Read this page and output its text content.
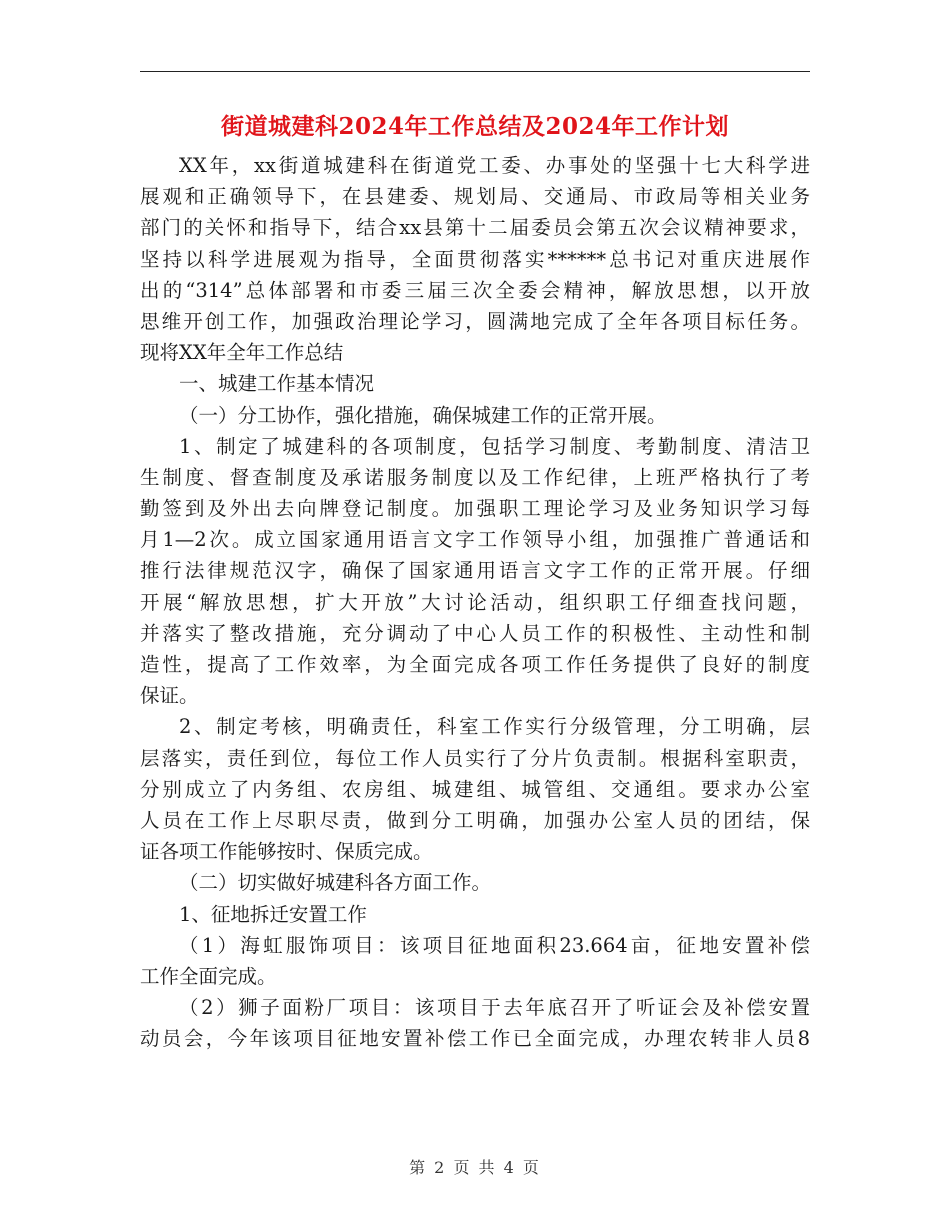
街道城建科2024年工作总结及2024年工作计划
XX年，xx街道城建科在街道党工委、办事处的坚强十七大科学进
展观和正确领导下，在县建委、规划局、交通局、市政局等相关业务
部门的关怀和指导下，结合xx县第十二届委员会第五次会议精神要求，
坚持以科学进展观为指导，全面贯彻落实******总书记对重庆进展作
出的“314”总体部署和市委三届三次全委会精神，解放思想，以开放
思维开创工作，加强政治理论学习，圆满地完成了全年各项目标任务。
现将XX年全年工作总结
一、城建工作基本情况
（一）分工协作，强化措施，确保城建工作的正常开展。
1、制定了城建科的各项制度，包括学习制度、考勤制度、清洁卫
生制度、督查制度及承诺服务制度以及工作纪律，上班严格执行了考
勤签到及外出去向牌登记制度。加强职工理论学习及业务知识学习每
月1—2次。成立国家通用语言文字工作领导小组，加强推广普通话和
推行法律规范汉字，确保了国家通用语言文字工作的正常开展。仔细
开展“解放思想，扩大开放”大讨论活动，组织职工仔细查找问题，
并落实了整改措施，充分调动了中心人员工作的积极性、主动性和制
造性，提高了工作效率，为全面完成各项工作任务提供了良好的制度
保证。
2、制定考核，明确责任，科室工作实行分级管理，分工明确，层
层落实，责任到位，每位工作人员实行了分片负责制。根据科室职责，
分别成立了内务组、农房组、城建组、城管组、交通组。要求办公室
人员在工作上尽职尽责，做到分工明确，加强办公室人员的团结，保
证各项工作能够按时、保质完成。
（二）切实做好城建科各方面工作。
1、征地拆迁安置工作
（1）海虹服饰项目：该项目征地面积23.664亩，征地安置补偿
工作全面完成。
（2）狮子面粉厂项目：该项目于去年底召开了听证会及补偿安置
动员会，今年该项目征地安置补偿工作已全面完成，办理农转非人员8
第 2 页 共 4 页
